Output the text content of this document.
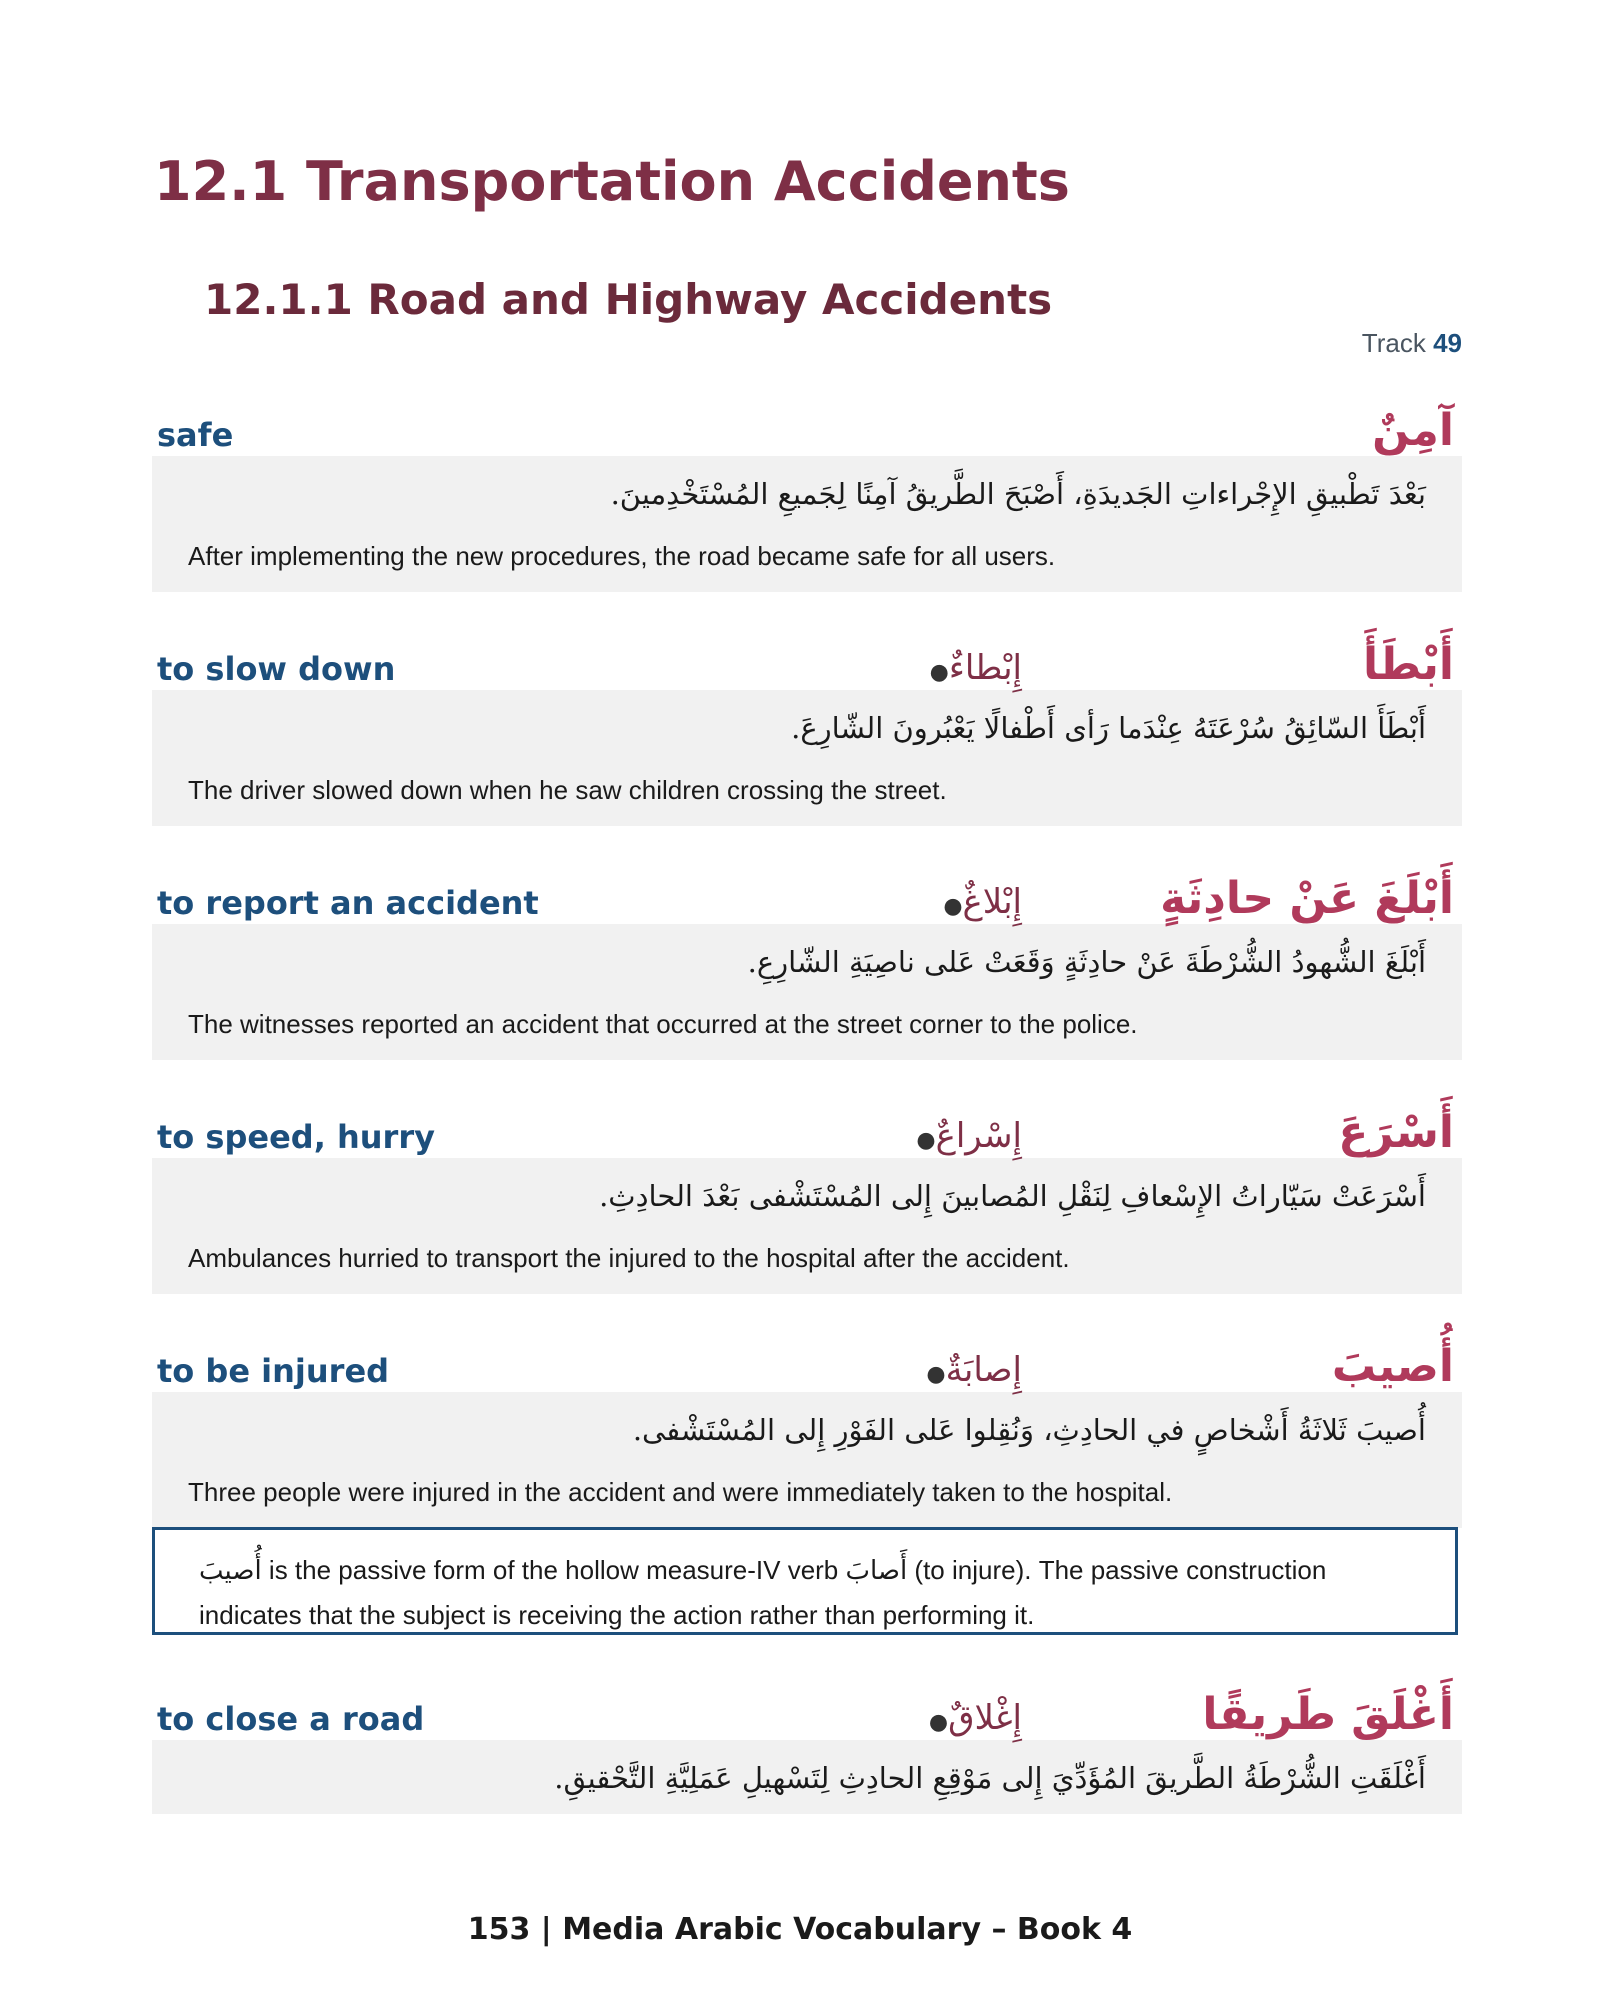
12.1 Transportation Accidents
12.1.1 Road and Highway Accidents
Track 49
safe	آمِنٌ
بَعْدَ تَطْبيقِ الإِجْراءاتِ الجَديدَةِ، أَصْبَحَ الطَّريقُ آمِنًا لِجَميعِ المُسْتَخْدِمينَ.
After implementing the new procedures, the road became safe for all users.
to slow down	إِبْطاءٌ●	أَبْطَأَ
أَبْطَأَ السّائِقُ سُرْعَتَهُ عِنْدَما رَأى أَطْفالًا يَعْبُرونَ الشّارِعَ.
The driver slowed down when he saw children crossing the street.
to report an accident	إِبْلاغٌ●	أَبْلَغَ عَنْ حادِثَةٍ
أَبْلَغَ الشُّهودُ الشُّرْطَةَ عَنْ حادِثَةٍ وَقَعَتْ عَلى ناصِيَةِ الشّارِعِ.
The witnesses reported an accident that occurred at the street corner to the police.
to speed, hurry	إِسْراعٌ●	أَسْرَعَ
أَسْرَعَتْ سَيّاراتُ الإِسْعافِ لِنَقْلِ المُصابينَ إِلى المُسْتَشْفى بَعْدَ الحادِثِ.
Ambulances hurried to transport the injured to the hospital after the accident.
to be injured	إِصابَةٌ●	أُصيبَ
أُصيبَ ثَلاثَةُ أَشْخاصٍ في الحادِثِ، وَنُقِلوا عَلى الفَوْرِ إِلى المُسْتَشْفى.
Three people were injured in the accident and were immediately taken to the hospital.
أُصيبَ is the passive form of the hollow measure-IV verb أَصابَ (to injure). The passive construction indicates that the subject is receiving the action rather than performing it.
to close a road	إِغْلاقٌ●	أَغْلَقَ طَريقًا
أَغْلَقَتِ الشُّرْطَةُ الطَّريقَ المُؤَدِّيَ إِلى مَوْقِعِ الحادِثِ لِتَسْهيلِ عَمَلِيَّةِ التَّحْقيقِ.
153 | Media Arabic Vocabulary – Book 4
